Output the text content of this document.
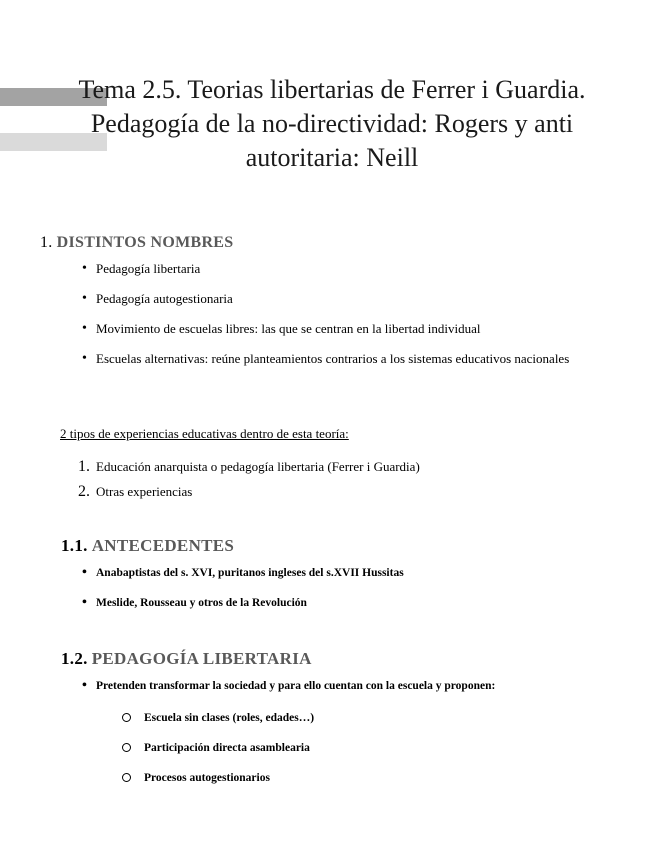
Tema 2.5. Teorias libertarias de Ferrer i Guardia. Pedagogía de la no-directividad: Rogers y anti autoritaria: Neill
1. DISTINTOS NOMBRES
• Pedagogía libertaria
• Pedagogía autogestionaria
• Movimiento de escuelas libres: las que se centran en la libertad individual
• Escuelas alternativas: reúne planteamientos contrarios a los sistemas educativos nacionales
2 tipos de experiencias educativas dentro de esta teoría:
1. Educación anarquista o pedagogía libertaria (Ferrer i Guardia)
2. Otras experiencias
1.1. ANTECEDENTES
• Anabaptistas del s. XVI, puritanos ingleses del s.XVII Hussitas
• Meslide, Rousseau y otros de la Revolución
1.2. PEDAGOGÍA LIBERTARIA
• Pretenden transformar la sociedad y para ello cuentan con la escuela y proponen:
Escuela sin clases (roles, edades…)
Participación directa asamblearia
Procesos autogestionarios
